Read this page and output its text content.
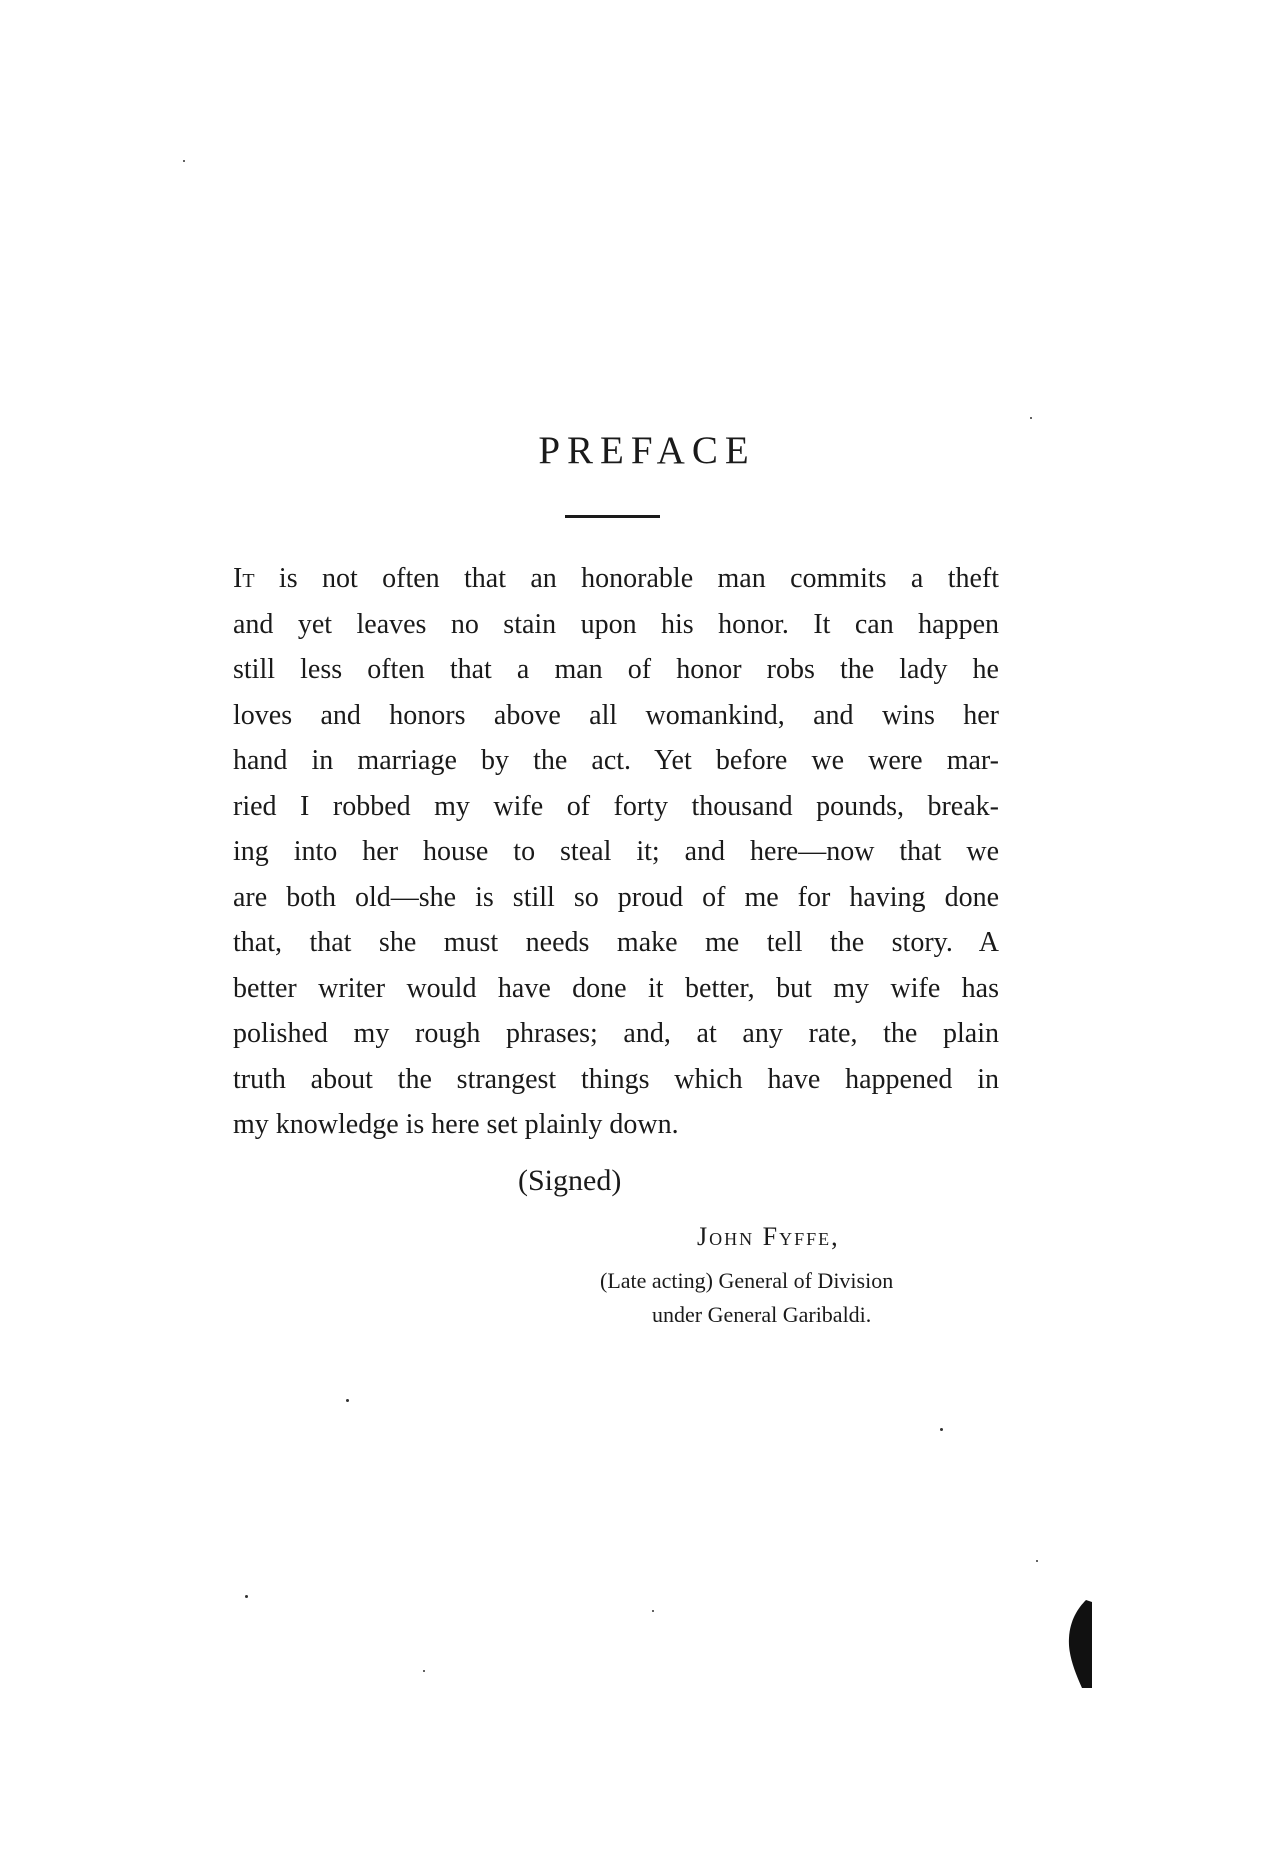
PREFACE
It is not often that an honorable man commits a theft
and yet leaves no stain upon his honor. It can happen
still less often that a man of honor robs the lady he
loves and honors above all womankind, and wins her
hand in marriage by the act. Yet before we were mar-
ried I robbed my wife of forty thousand pounds, break-
ing into her house to steal it; and here—now that we
are both old—she is still so proud of me for having done
that, that she must needs make me tell the story. A
better writer would have done it better, but my wife has
polished my rough phrases; and, at any rate, the plain
truth about the strangest things which have happened in
my knowledge is here set plainly down.
(Signed)
John Fyffe,
(Late acting) General of Division
under General Garibaldi.
